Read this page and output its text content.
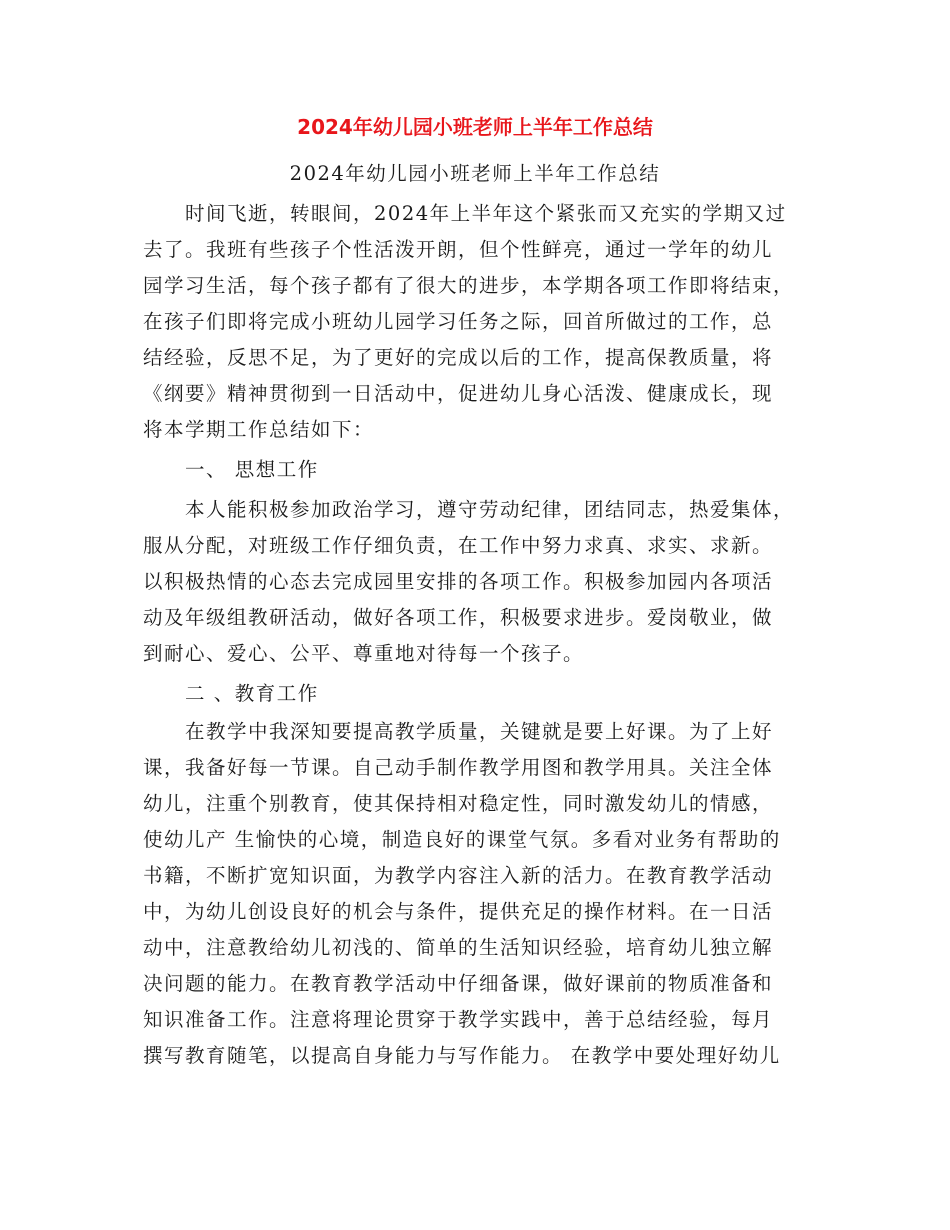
2024年幼儿园小班老师上半年工作总结
2024年幼儿园小班老师上半年工作总结
时间飞逝，转眼间，2024年上半年这个紧张而又充实的学期又过
去了。我班有些孩子个性活泼开朗，但个性鲜亮，通过一学年的幼儿
园学习生活，每个孩子都有了很大的进步，本学期各项工作即将结束，
在孩子们即将完成小班幼儿园学习任务之际，回首所做过的工作，总
结经验，反思不足，为了更好的完成以后的工作，提高保教质量，将
《纲要》精神贯彻到一日活动中，促进幼儿身心活泼、健康成长，现
将本学期工作总结如下：
一、 思想工作
本人能积极参加政治学习，遵守劳动纪律，团结同志，热爱集体，
服从分配，对班级工作仔细负责，在工作中努力求真、求实、求新。
以积极热情的心态去完成园里安排的各项工作。积极参加园内各项活
动及年级组教研活动，做好各项工作，积极要求进步。爱岗敬业，做
到耐心、爱心、公平、尊重地对待每一个孩子。
二 、教育工作
在教学中我深知要提高教学质量，关键就是要上好课。为了上好
课，我备好每一节课。自己动手制作教学用图和教学用具。关注全体
幼儿，注重个别教育，使其保持相对稳定性，同时激发幼儿的情感，
使幼儿产 生愉快的心境，制造良好的课堂气氛。多看对业务有帮助的
书籍，不断扩宽知识面，为教学内容注入新的活力。在教育教学活动
中，为幼儿创设良好的机会与条件，提供充足的操作材料。在一日活
动中，注意教给幼儿初浅的、简单的生活知识经验，培育幼儿独立解
决问题的能力。在教育教学活动中仔细备课，做好课前的物质准备和
知识准备工作。注意将理论贯穿于教学实践中，善于总结经验，每月
撰写教育随笔，以提高自身能力与写作能力。 在教学中要处理好幼儿
